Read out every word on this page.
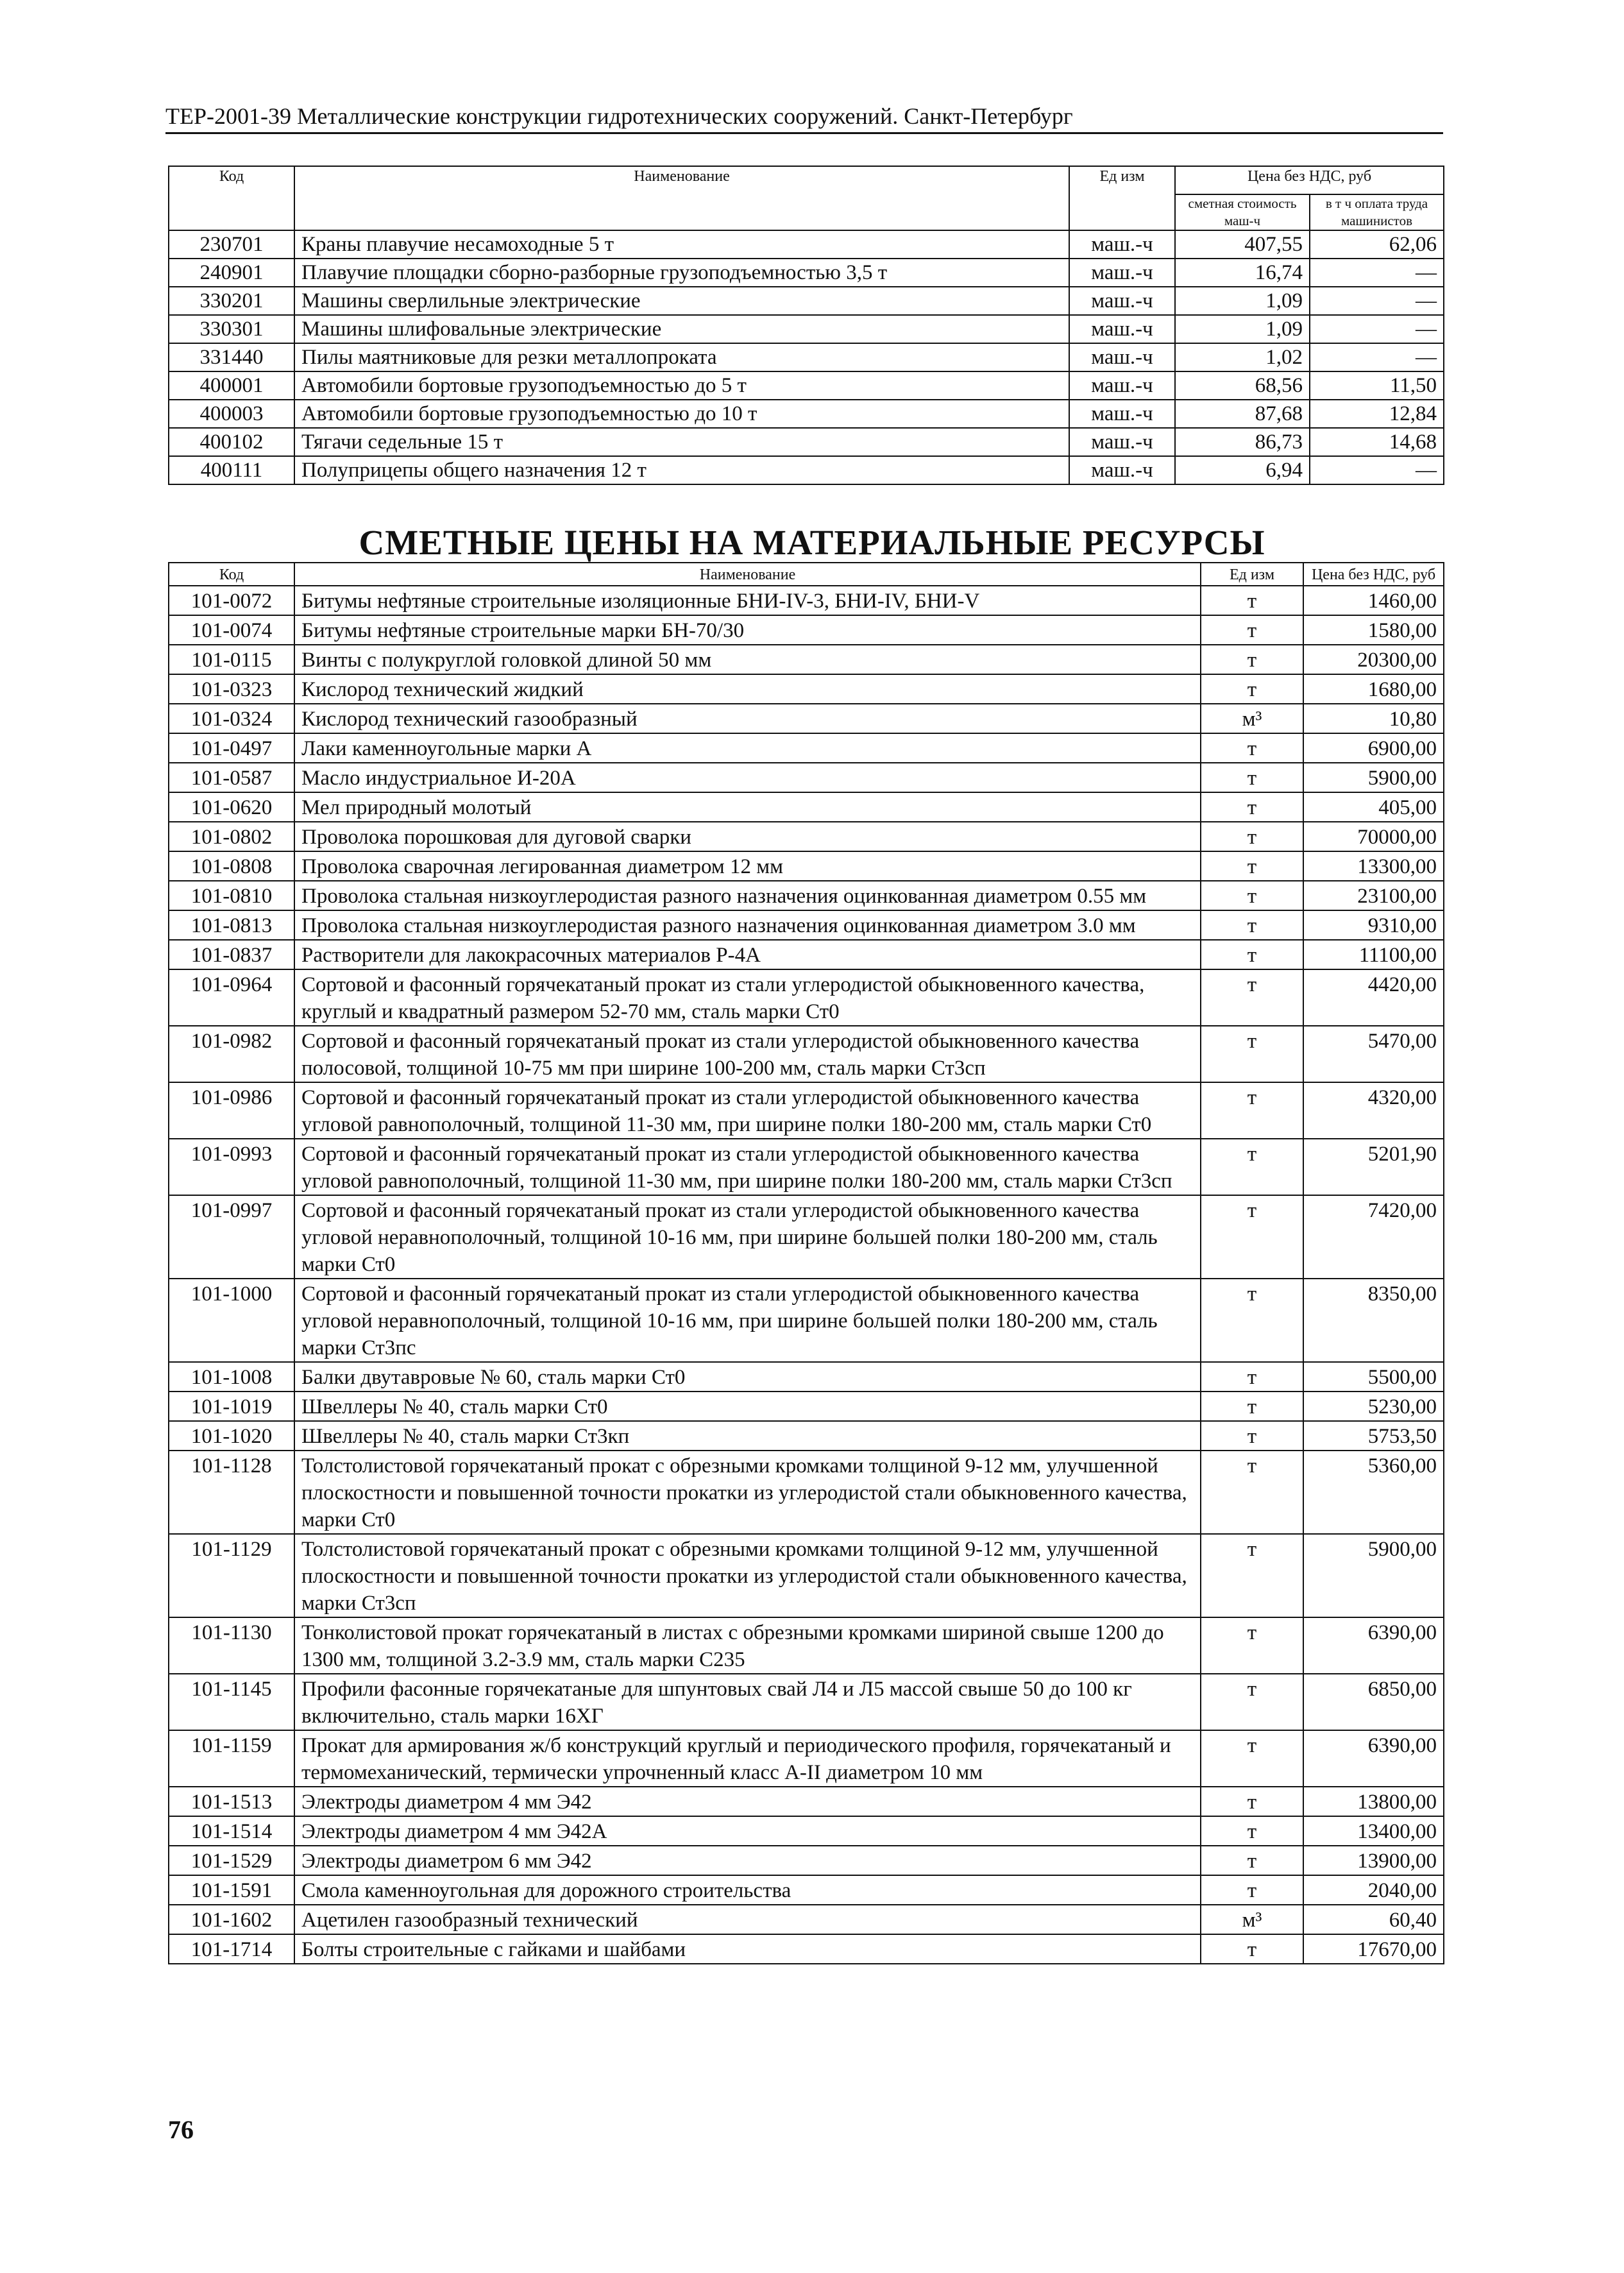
ТЕР-2001-39 Металлические конструкции гидротехнических сооружений. Санкт-Петербург
Код	Наименование	Ед изм	Цена без НДС, руб	
			сметная стоимость маш-ч	в т ч оплата труда машинистов
230701	Краны плавучие несамоходные 5 т	маш.-ч	407,55	62,06
240901	Плавучие площадки сборно-разборные грузоподъемностью 3,5 т	маш.-ч	16,74	—
330201	Машины сверлильные электрические	маш.-ч	1,09	—
330301	Машины шлифовальные электрические	маш.-ч	1,09	—
331440	Пилы маятниковые для резки металлопроката	маш.-ч	1,02	—
400001	Автомобили бортовые грузоподъемностью до 5 т	маш.-ч	68,56	11,50
400003	Автомобили бортовые грузоподъемностью до 10 т	маш.-ч	87,68	12,84
400102	Тягачи седельные 15 т	маш.-ч	86,73	14,68
400111	Полуприцепы общего назначения 12 т	маш.-ч	6,94	—
СМЕТНЫЕ ЦЕНЫ НА МАТЕРИАЛЬНЫЕ РЕСУРСЫ
Код	Наименование	Ед изм	Цена без НДС, руб
101-0072	Битумы нефтяные строительные изоляционные БНИ-IV-3, БНИ-IV, БНИ-V	т	1460,00
101-0074	Битумы нефтяные строительные марки БН-70/30	т	1580,00
101-0115	Винты с полукруглой головкой длиной 50 мм	т	20300,00
101-0323	Кислород технический жидкий	т	1680,00
101-0324	Кислород технический газообразный	м³	10,80
101-0497	Лаки каменноугольные марки А	т	6900,00
101-0587	Масло индустриальное И-20А	т	5900,00
101-0620	Мел природный молотый	т	405,00
101-0802	Проволока порошковая для дуговой сварки	т	70000,00
101-0808	Проволока сварочная легированная диаметром 12 мм	т	13300,00
101-0810	Проволока стальная низкоуглеродистая разного назначения оцинкованная диаметром 0.55 мм	т	23100,00
101-0813	Проволока стальная низкоуглеродистая разного назначения оцинкованная диаметром 3.0 мм	т	9310,00
101-0837	Растворители для лакокрасочных материалов Р-4А	т	11100,00
101-0964	Сортовой и фасонный горячекатаный прокат из стали углеродистой обыкновенного качества, круглый и квадратный размером 52-70 мм, сталь марки Ст0	т	4420,00
101-0982	Сортовой и фасонный горячекатаный прокат из стали углеродистой обыкновенного качества полосовой, толщиной 10-75 мм при ширине 100-200 мм, сталь марки Ст3сп	т	5470,00
101-0986	Сортовой и фасонный горячекатаный прокат из стали углеродистой обыкновенного качества угловой равнополочный, толщиной 11-30 мм, при ширине полки 180-200 мм, сталь марки Ст0	т	4320,00
101-0993	Сортовой и фасонный горячекатаный прокат из стали углеродистой обыкновенного качества угловой равнополочный, толщиной 11-30 мм, при ширине полки 180-200 мм, сталь марки Ст3сп	т	5201,90
101-0997	Сортовой и фасонный горячекатаный прокат из стали углеродистой обыкновенного качества угловой неравнополочный, толщиной 10-16 мм, при ширине большей полки 180-200 мм, сталь марки Ст0	т	7420,00
101-1000	Сортовой и фасонный горячекатаный прокат из стали углеродистой обыкновенного качества угловой неравнополочный, толщиной 10-16 мм, при ширине большей полки 180-200 мм, сталь марки Ст3пс	т	8350,00
101-1008	Балки двутавровые № 60, сталь марки Ст0	т	5500,00
101-1019	Швеллеры № 40, сталь марки Ст0	т	5230,00
101-1020	Швеллеры № 40, сталь марки Ст3кп	т	5753,50
101-1128	Толстолистовой горячекатаный прокат с обрезными кромками толщиной 9-12 мм, улучшенной плоскостности и повышенной точности прокатки из углеродистой стали обыкновенного качества, марки Ст0	т	5360,00
101-1129	Толстолистовой горячекатаный прокат с обрезными кромками толщиной 9-12 мм, улучшенной плоскостности и повышенной точности прокатки из углеродистой стали обыкновенного качества, марки Ст3сп	т	5900,00
101-1130	Тонколистовой прокат горячекатаный в листах с обрезными кромками шириной свыше 1200 до 1300 мм, толщиной 3.2-3.9 мм, сталь марки С235	т	6390,00
101-1145	Профили фасонные горячекатаные для шпунтовых свай Л4 и Л5 массой свыше 50 до 100 кг включительно, сталь марки 16ХГ	т	6850,00
101-1159	Прокат для армирования ж/б конструкций круглый и периодического профиля, горячекатаный и термомеханический, термически упрочненный класс А-II диаметром 10 мм	т	6390,00
101-1513	Электроды диаметром 4 мм Э42	т	13800,00
101-1514	Электроды диаметром 4 мм Э42А	т	13400,00
101-1529	Электроды диаметром 6 мм Э42	т	13900,00
101-1591	Смола каменноугольная для дорожного строительства	т	2040,00
101-1602	Ацетилен газообразный технический	м³	60,40
101-1714	Болты строительные с гайками и шайбами	т	17670,00
76
